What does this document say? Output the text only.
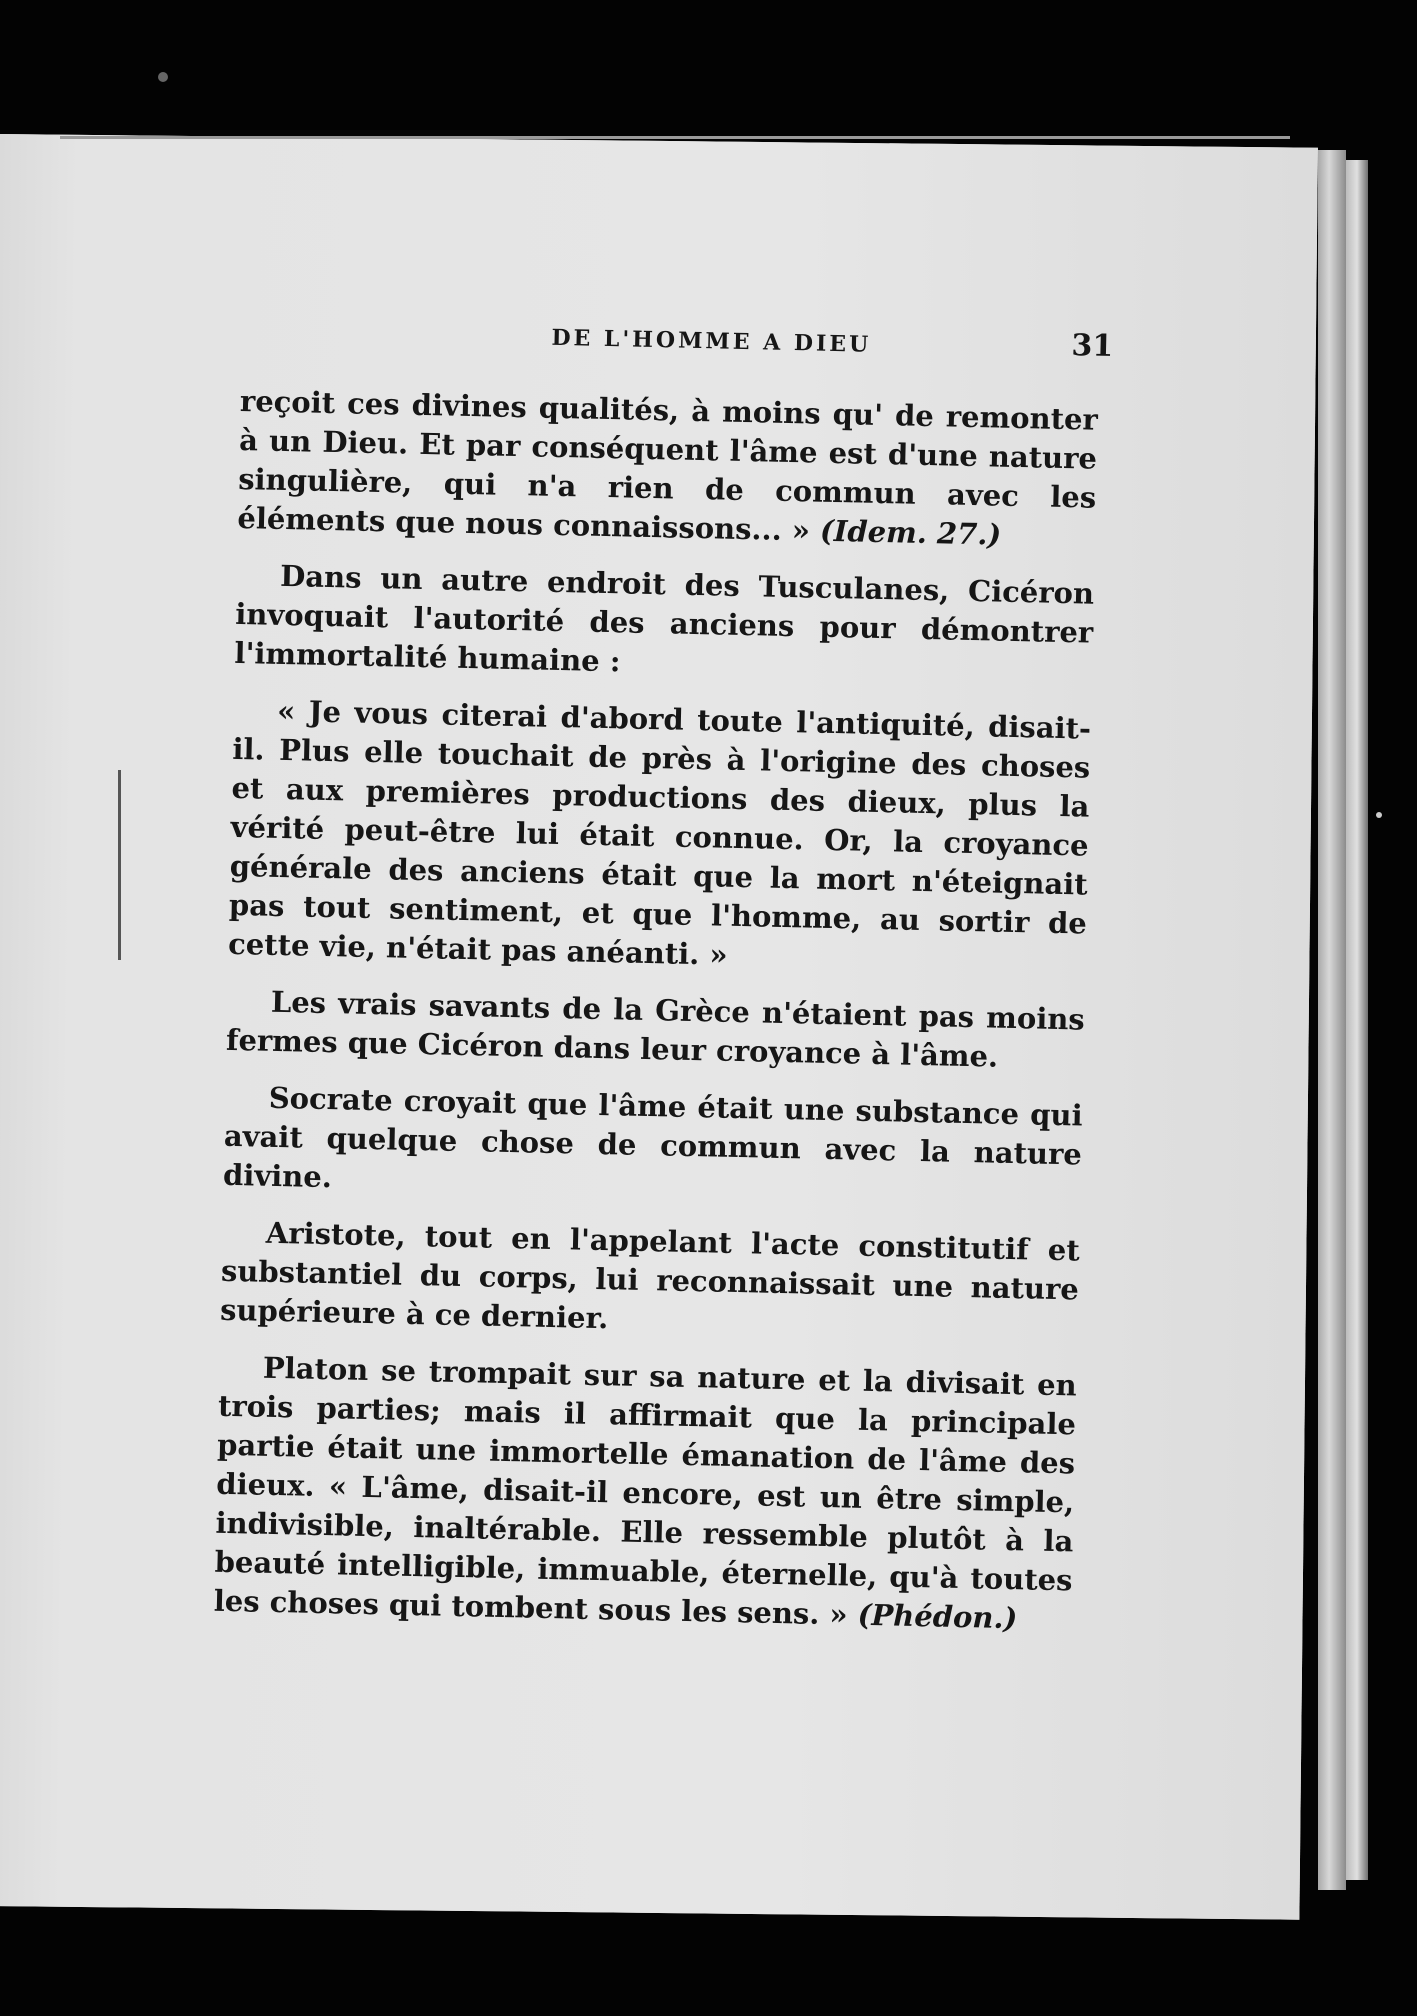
DE L'HOMME A DIEU	31

reçoit ces divines qualités, à moins qu' de remonter à un Dieu. Et par conséquent l'âme est d'une nature singulière, qui n'a rien de commun avec les éléments que nous connaissons... » (Idem. 27.)

Dans un autre endroit des Tusculanes, Cicéron invoquait l'autorité des anciens pour démontrer l'immortalité humaine :

« Je vous citerai d'abord toute l'antiquité, disait-il. Plus elle touchait de près à l'origine des choses et aux premières productions des dieux, plus la vérité peut-être lui était connue. Or, la croyance générale des anciens était que la mort n'éteignait pas tout sentiment, et que l'homme, au sortir de cette vie, n'était pas anéanti. »

Les vrais savants de la Grèce n'étaient pas moins fermes que Cicéron dans leur croyance à l'âme.

Socrate croyait que l'âme était une substance qui avait quelque chose de commun avec la nature divine.

Aristote, tout en l'appelant l'acte constitutif et substantiel du corps, lui reconnaissait une nature supérieure à ce dernier.

Platon se trompait sur sa nature et la divisait en trois parties; mais il affirmait que la principale partie était une immortelle émanation de l'âme des dieux. « L'âme, disait-il encore, est un être simple, indivisible, inaltérable. Elle ressemble plutôt à la beauté intelligible, immuable, éternelle, qu'à toutes les choses qui tombent sous les sens. » (Phédon.)
